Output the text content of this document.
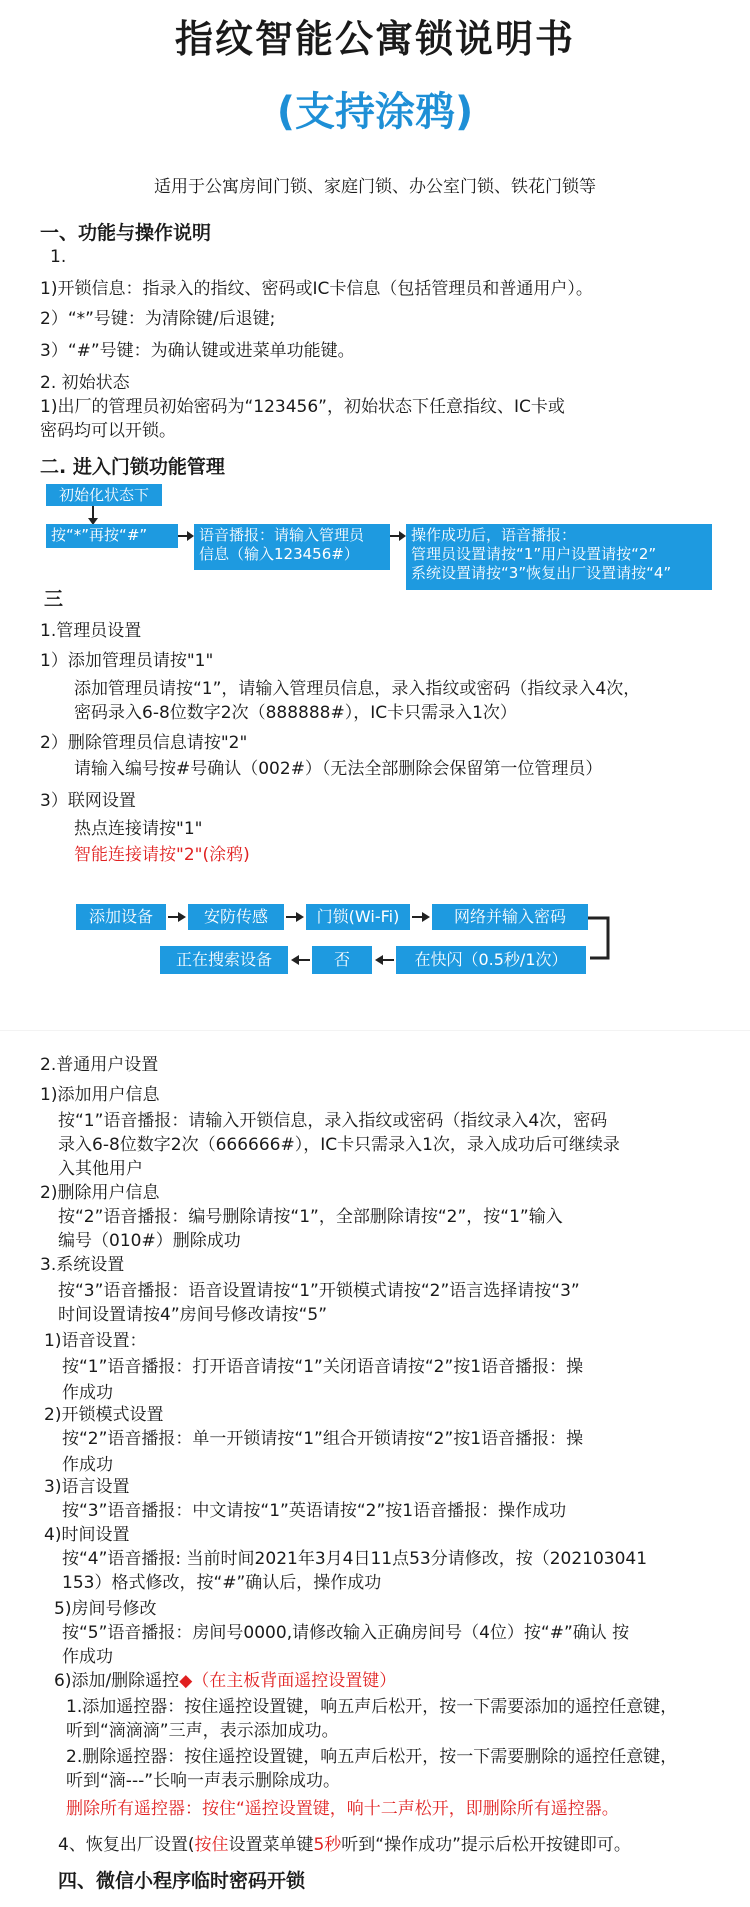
指纹智能公寓锁说明书
(支持涂鸦)
适用于公寓房间门锁、家庭门锁、办公室门锁、铁花门锁等
一、功能与操作说明
1.
1)开锁信息：指录入的指纹、密码或IC卡信息（包括管理员和普通用户）。
2）“*”号键：为清除键/后退键;
3）“#”号键：为确认键或进菜单功能键。
2. 初始状态
1)出厂的管理员初始密码为“123456”，初始状态下任意指纹、IC卡或
密码均可以开锁。
二. 进入门锁功能管理
初始化状态下
按“*”再按“#”	语音播报：请输入管理员
信息（输入123456#）
操作成功后，语音播报：
管理员设置请按“1”用户设置请按“2”
系统设置请按“3”恢复出厂设置请按“4”
三
1.管理员设置
1）添加管理员请按"1"
添加管理员请按“1”，请输入管理员信息，录入指纹或密码（指纹录入4次，
密码录入6-8位数字2次（888888#），IC卡只需录入1次）
2）删除管理员信息请按"2"
请输入编号按#号确认（002#）（无法全部删除会保留第一位管理员）
3）联网设置
热点连接请按"1"
智能连接请按"2"(涂鸦)
添加设备	安防传感	门锁(Wi-Fi)	网络并输入密码
在快闪（0.5秒/1次）
否
正在搜索设备
2.普通用户设置
1)添加用户信息
按“1”语音播报：请输入开锁信息，录入指纹或密码（指纹录入4次，密码
录入6-8位数字2次（666666#），IC卡只需录入1次，录入成功后可继续录
入其他用户
2)删除用户信息
按“2”语音播报：编号删除请按“1”，全部删除请按“2”，按“1”输入
编号（010#）删除成功
3.系统设置
按“3”语音播报：语音设置请按“1”开锁模式请按“2”语言选择请按“3”
时间设置请按4”房间号修改请按“5”
1)语音设置：
按“1”语音播报：打开语音请按“1”关闭语音请按“2”按1语音播报：操
作成功
2)开锁模式设置
按“2”语音播报：单一开锁请按“1”组合开锁请按“2”按1语音播报：操
作成功
3)语言设置
按“3”语音播报：中文请按“1”英语请按“2”按1语音播报：操作成功
4)时间设置
按“4”语音播报: 当前时间2021年3月4日11点53分请修改，按（202103041
153）格式修改，按“#”确认后，操作成功
5)房间号修改
按“5”语音播报：房间号0000,请修改输入正确房间号（4位）按“#”确认 按
作成功
6)添加/删除遥控◆（在主板背面遥控设置键）
1.添加遥控器：按住遥控设置键，响五声后松开，按一下需要添加的遥控任意键，
听到“滴滴滴”三声，表示添加成功。
2.删除遥控器：按住遥控设置键，响五声后松开，按一下需要删除的遥控任意键，
听到“滴---”长响一声表示删除成功。
删除所有遥控器：按住“遥控设置键，响十二声松开，即删除所有遥控器。
4、恢复出厂设置(按住设置菜单键5秒听到“操作成功”提示后松开按键即可。
四、微信小程序临时密码开锁
